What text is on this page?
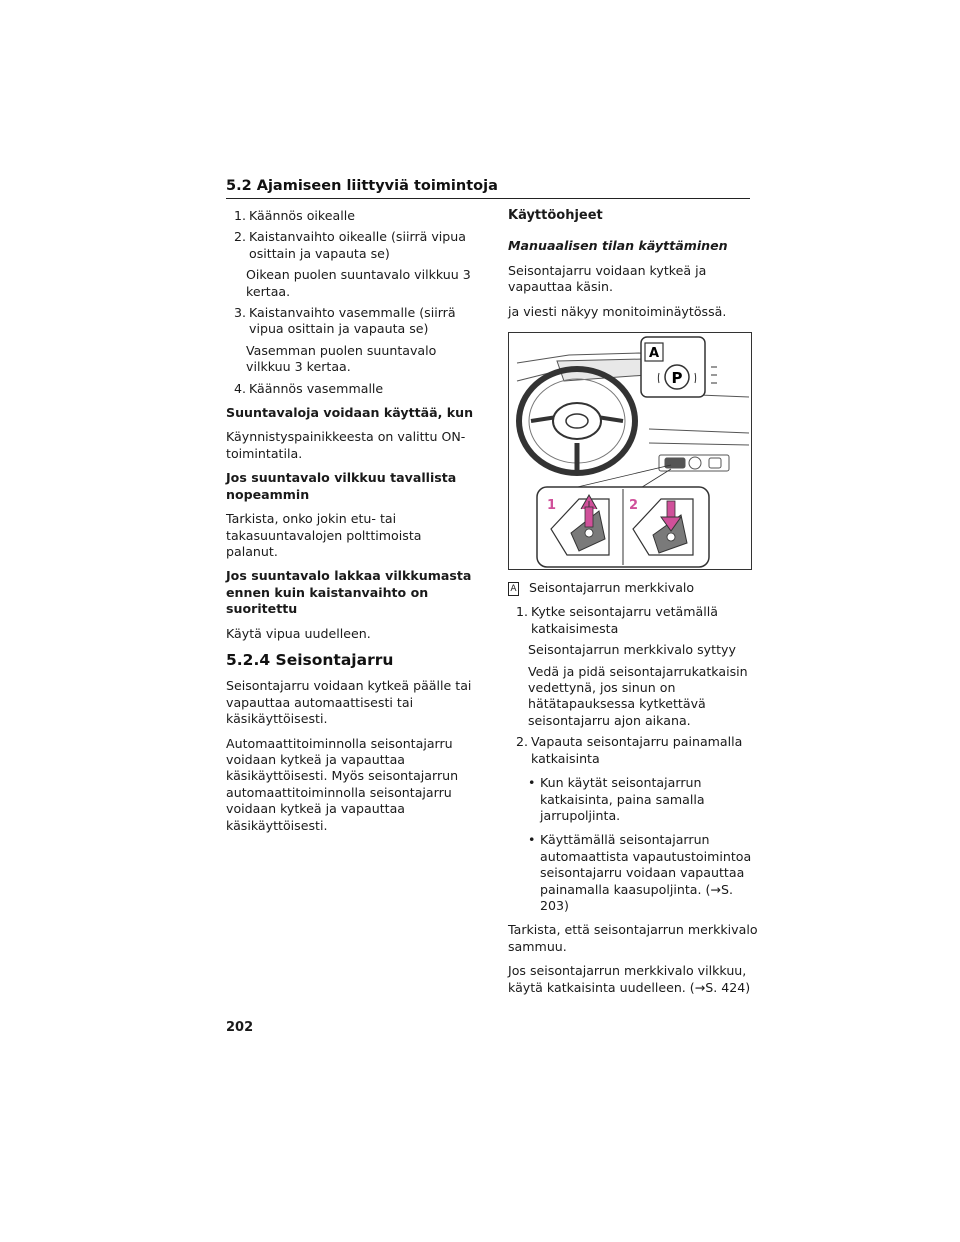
5.2 Ajamiseen liittyviä toimintoja
1. Käännös oikealle
2. Kaistanvaihto oikealle (siirrä vipua osittain ja vapauta se)
Oikean puolen suuntavalo vilkkuu 3 kertaa.
3. Kaistanvaihto vasemmalle (siirrä vipua osittain ja vapauta se)
Vasemman puolen suuntavalo vilkkuu 3 kertaa.
4. Käännös vasemmalle

Suuntavaloja voidaan käyttää, kun

Käynnistyspainikkeesta on valittu ON-toimintatila.

Jos suuntavalo vilkkuu tavallista nopeammin

Tarkista, onko jokin etu- tai takasuuntavalojen polttimoista palanut.

Jos suuntavalo lakkaa vilkkumasta ennen kuin kaistanvaihto on suoritettu

Käytä vipua uudelleen.

5.2.4 Seisontajarru

Seisontajarru voidaan kytkeä päälle tai vapauttaa automaattisesti tai käsikäyttöisesti.

Automaattitoiminnolla seisontajarru voidaan kytkeä ja vapauttaa käsikäyttöisesti. Myös seisontajarrun automaattitoiminnolla seisontajarru voidaan kytkeä ja vapauttaa käsikäyttöisesti.

Käyttöohjeet

Manuaalisen tilan käyttäminen

Seisontajarru voidaan kytkeä ja vapauttaa käsin.

ja viesti näkyy monitoiminäytössä.

A
P
1	2

A Seisontajarrun merkkivalo

1. Kytke seisontajarru vetämällä katkaisimesta
Seisontajarrun merkkivalo syttyy
Vedä ja pidä seisontajarrukatkaisin vedettynä, jos sinun on hätätapauksessa kytkettävä seisontajarru ajon aikana.
2. Vapauta seisontajarru painamalla katkaisinta
• Kun käytät seisontajarrun katkaisinta, paina samalla jarrupoljinta.
• Käyttämällä seisontajarrun automaattista vapautustoimintoa seisontajarru voidaan vapauttaa painamalla kaasupoljinta. (→S. 203)

Tarkista, että seisontajarrun merkkivalo sammuu.

Jos seisontajarrun merkkivalo vilkkuu, käytä katkaisinta uudelleen. (→S. 424)

202
